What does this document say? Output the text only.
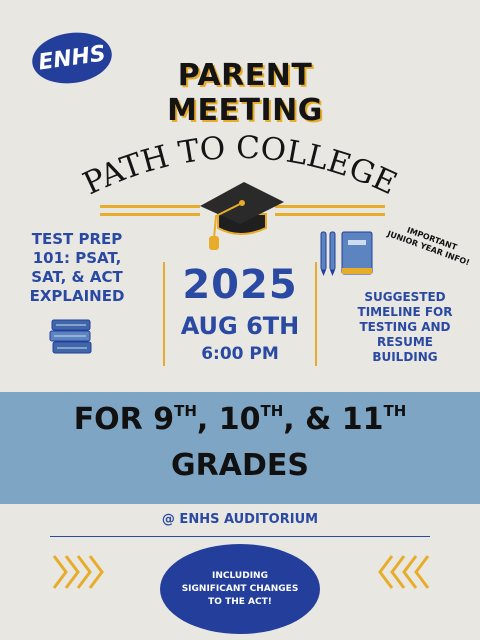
ENHS	PARENT MEETING
PATH TO COLLEGE
TEST PREP
101: PSAT,
SAT, & ACT
EXPLAINED	2025
AUG 6TH
6:00 PM
IMPORTANT
JUNIOR YEAR INFO!
SUGGESTED
TIMELINE FOR
TESTING AND
RESUME
BUILDING
FOR 9TH, 10TH, & 11TH
GRADES
@ ENHS AUDITORIUM
INCLUDING
SIGNIFICANT CHANGES
TO THE ACT!
